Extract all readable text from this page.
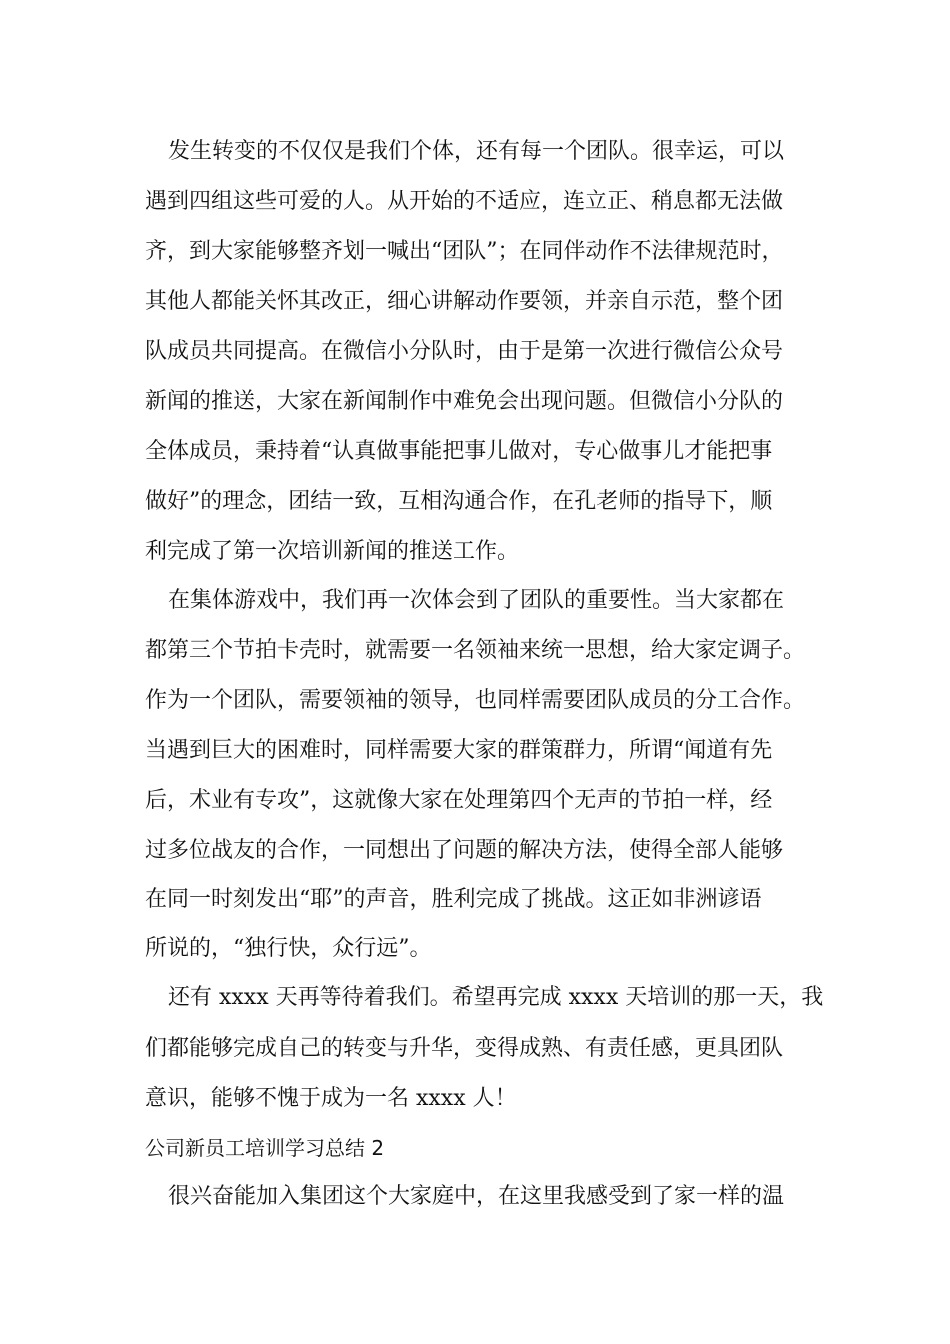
发生转变的不仅仅是我们个体，还有每一个团队。很幸运，可以
遇到四组这些可爱的人。从开始的不适应，连立正、稍息都无法做
齐，到大家能够整齐划一喊出“团队”；在同伴动作不法律规范时，
其他人都能关怀其改正，细心讲解动作要领，并亲自示范，整个团
队成员共同提高。在微信小分队时，由于是第一次进行微信公众号
新闻的推送，大家在新闻制作中难免会出现问题。但微信小分队的
全体成员，秉持着“认真做事能把事儿做对，专心做事儿才能把事
做好”的理念，团结一致，互相沟通合作，在孔老师的指导下，顺
利完成了第一次培训新闻的推送工作。
在集体游戏中，我们再一次体会到了团队的重要性。当大家都在
都第三个节拍卡壳时，就需要一名领袖来统一思想，给大家定调子。
作为一个团队，需要领袖的领导，也同样需要团队成员的分工合作。
当遇到巨大的困难时，同样需要大家的群策群力，所谓“闻道有先
后，术业有专攻”，这就像大家在处理第四个无声的节拍一样，经
过多位战友的合作，一同想出了问题的解决方法，使得全部人能够
在同一时刻发出“耶”的声音，胜利完成了挑战。这正如非洲谚语
所说的，“独行快，众行远”。
还有 xxxx 天再等待着我们。希望再完成 xxxx 天培训的那一天，我
们都能够完成自己的转变与升华，变得成熟、有责任感，更具团队
意识，能够不愧于成为一名 xxxx 人！
公司新员工培训学习总结 2
很兴奋能加入集团这个大家庭中，在这里我感受到了家一样的温
